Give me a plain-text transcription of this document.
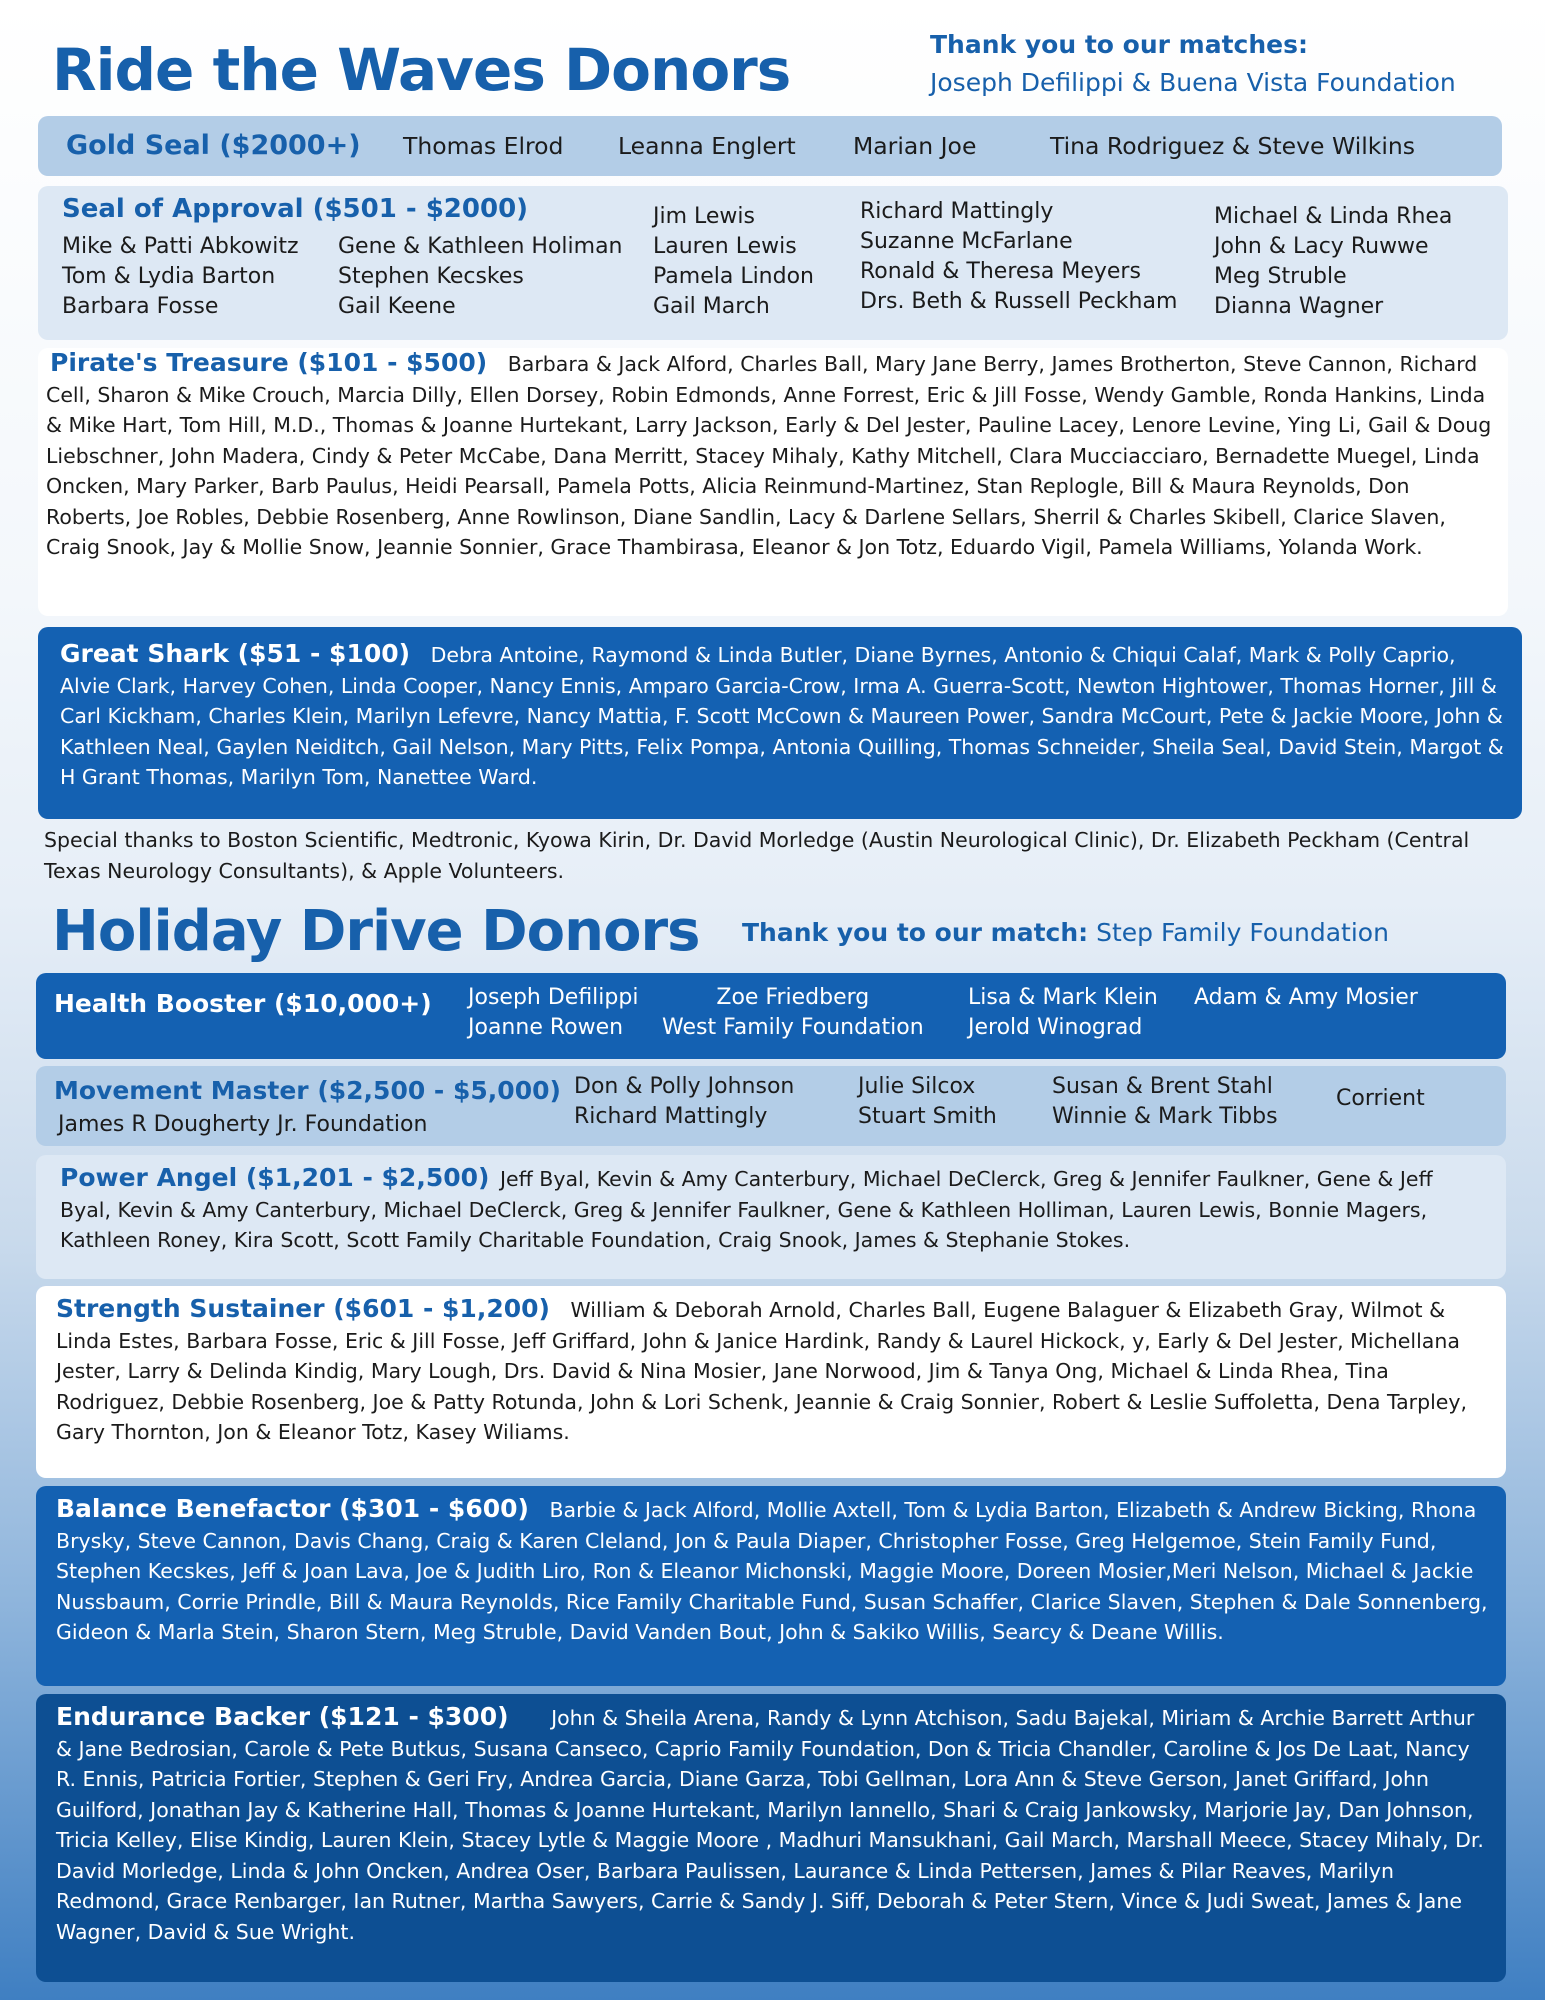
Ride the Waves Donors	Thank you to our matches:
Joseph Defilippi & Buena Vista Foundation
Gold Seal ($2000+) Thomas Elrod Leanna Englert Marian Joe	Tina Rodriguez & Steve Wilkins
Seal of Approval ($501 - $2000)
Mike & Patti Abkowitz
Tom & Lydia Barton
Barbara Fosse
Gene & Kathleen Holiman
Stephen Kecskes
Gail Keene
Jim Lewis
Lauren Lewis
Pamela Lindon
Gail March
Richard Mattingly
Suzanne McFarlane
Ronald & Theresa Meyers
Drs. Beth & Russell Peckham
Michael & Linda Rhea
John & Lacy Ruwwe
Meg Struble
Dianna Wagner
Pirate's Treasure ($101 - $500) Barbara & Jack Alford, Charles Ball, Mary Jane Berry, James Brotherton, Steve Cannon, Richard Cell, Sharon & Mike Crouch, Marcia Dilly, Ellen Dorsey, Robin Edmonds, Anne Forrest, Eric & Jill Fosse, Wendy Gamble, Ronda Hankins, Linda & Mike Hart, Tom Hill, M.D., Thomas & Joanne Hurtekant, Larry Jackson, Early & Del Jester, Pauline Lacey, Lenore Levine, Ying Li, Gail & Doug Liebschner, John Madera, Cindy & Peter McCabe, Dana Merritt, Stacey Mihaly, Kathy Mitchell, Clara Mucciacciaro, Bernadette Muegel, Linda Oncken, Mary Parker, Barb Paulus, Heidi Pearsall, Pamela Potts, Alicia Reinmund-Martinez, Stan Replogle, Bill & Maura Reynolds, Don Roberts, Joe Robles, Debbie Rosenberg, Anne Rowlinson, Diane Sandlin, Lacy & Darlene Sellars, Sherril & Charles Skibell, Clarice Slaven, Craig Snook, Jay & Mollie Snow, Jeannie Sonnier, Grace Thambirasa, Eleanor & Jon Totz, Eduardo Vigil, Pamela Williams, Yolanda Work.
Great Shark ($51 - $100) Debra Antoine, Raymond & Linda Butler, Diane Byrnes, Antonio & Chiqui Calaf, Mark & Polly Caprio, Alvie Clark, Harvey Cohen, Linda Cooper, Nancy Ennis, Amparo Garcia-Crow, Irma A. Guerra-Scott, Newton Hightower, Thomas Horner, Jill & Carl Kickham, Charles Klein, Marilyn Lefevre, Nancy Mattia, F. Scott McCown & Maureen Power, Sandra McCourt, Pete & Jackie Moore, John & Kathleen Neal, Gaylen Neiditch, Gail Nelson, Mary Pitts, Felix Pompa, Antonia Quilling, Thomas Schneider, Sheila Seal, David Stein, Margot & H Grant Thomas, Marilyn Tom, Nanettee Ward.
Special thanks to Boston Scientific, Medtronic, Kyowa Kirin, Dr. David Morledge (Austin Neurological Clinic), Dr. Elizabeth Peckham (Central Texas Neurology Consultants), & Apple Volunteers.
Holiday Drive Donors Thank you to our match: Step Family Foundation
Health Booster ($10,000+) Joseph Defilippi
Joanne Rowen
Zoe Friedberg
West Family Foundation
Lisa & Mark Klein
Jerold Winograd
Adam & Amy Mosier
Movement Master ($2,500 - $5,000)
James R Dougherty Jr. Foundation
Don & Polly Johnson
Richard Mattingly
Julie Silcox
Stuart Smith
Susan & Brent Stahl
Winnie & Mark Tibbs
Corrient
Power Angel ($1,201 - $2,500) Jeff Byal, Kevin & Amy Canterbury, Michael DeClerck, Greg & Jennifer Faulkner, Gene & Jeff Byal, Kevin & Amy Canterbury, Michael DeClerck, Greg & Jennifer Faulkner, Gene & Kathleen Holliman, Lauren Lewis, Bonnie Magers, Kathleen Roney, Kira Scott, Scott Family Charitable Foundation, Craig Snook, James & Stephanie Stokes.
Strength Sustainer ($601 - $1,200) William & Deborah Arnold, Charles Ball, Eugene Balaguer & Elizabeth Gray, Wilmot & Linda Estes, Barbara Fosse, Eric & Jill Fosse, Jeff Griffard, John & Janice Hardink, Randy & Laurel Hickock, y, Early & Del Jester, Michellana Jester, Larry & Delinda Kindig, Mary Lough, Drs. David & Nina Mosier, Jane Norwood, Jim & Tanya Ong, Michael & Linda Rhea, Tina Rodriguez, Debbie Rosenberg, Joe & Patty Rotunda, John & Lori Schenk, Jeannie & Craig Sonnier, Robert & Leslie Suffoletta, Dena Tarpley, Gary Thornton, Jon & Eleanor Totz, Kasey Wiliams.
Balance Benefactor ($301 - $600) Barbie & Jack Alford, Mollie Axtell, Tom & Lydia Barton, Elizabeth & Andrew Bicking, Rhona Brysky, Steve Cannon, Davis Chang, Craig & Karen Cleland, Jon & Paula Diaper, Christopher Fosse, Greg Helgemoe, Stein Family Fund, Stephen Kecskes, Jeff & Joan Lava, Joe & Judith Liro, Ron & Eleanor Michonski, Maggie Moore, Doreen Mosier,Meri Nelson, Michael & Jackie Nussbaum, Corrie Prindle, Bill & Maura Reynolds, Rice Family Charitable Fund, Susan Schaffer, Clarice Slaven, Stephen & Dale Sonnenberg, Gideon & Marla Stein, Sharon Stern, Meg Struble, David Vanden Bout, John & Sakiko Willis, Searcy & Deane Willis.
Endurance Backer ($121 - $300) John & Sheila Arena, Randy & Lynn Atchison, Sadu Bajekal, Miriam & Archie Barrett Arthur & Jane Bedrosian, Carole & Pete Butkus, Susana Canseco, Caprio Family Foundation, Don & Tricia Chandler, Caroline & Jos De Laat, Nancy R. Ennis, Patricia Fortier, Stephen & Geri Fry, Andrea Garcia, Diane Garza, Tobi Gellman, Lora Ann & Steve Gerson, Janet Griffard, John Guilford, Jonathan Jay & Katherine Hall, Thomas & Joanne Hurtekant, Marilyn Iannello, Shari & Craig Jankowsky, Marjorie Jay, Dan Johnson, Tricia Kelley, Elise Kindig, Lauren Klein, Stacey Lytle & Maggie Moore , Madhuri Mansukhani, Gail March, Marshall Meece, Stacey Mihaly, Dr. David Morledge, Linda & John Oncken, Andrea Oser, Barbara Paulissen, Laurance & Linda Pettersen, James & Pilar Reaves, Marilyn Redmond, Grace Renbarger, Ian Rutner, Martha Sawyers, Carrie & Sandy J. Siff, Deborah & Peter Stern, Vince & Judi Sweat, James & Jane Wagner, David & Sue Wright.
